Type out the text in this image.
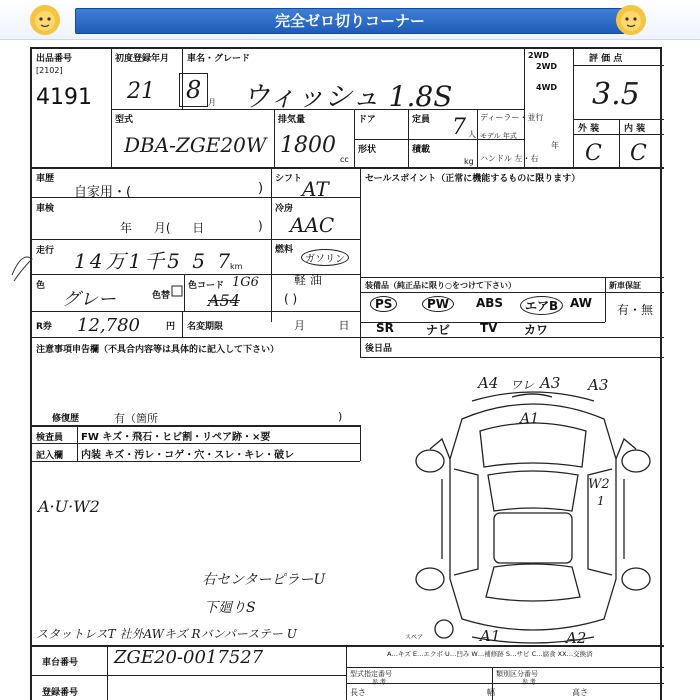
完全ゼロ切りコーナー
出品番号
[2102]
4191
初度登録年月
21 8 月
車名・グレード
ウィッシュ 1.8S
2WD
2WD
4WD
評 価 点
3.5
型式
DBA-ZGE20W
排気量
1800
cc
ドア
形状
定員 7 人
積載
kg
ディーラー・並行
モデル 年式
年
ハンドル 左・右
外 装	内 装
C C
車歴
自家用・(	)
シフト AT
車検
年 月( 日	)
冷房
AAC
走行 14万1千5 5 7
km
燃料
ガソリン
軽 油
( )
色
グレー	色替
色コード 1G6
A54
R券 12,780	円 名変期限	月 日
セールスポイント（正常に機能するものに限ります）
装備品（純正品に限り○をつけて下さい）	新車保証
有・無
PS	PW	ABS	エアB AW
SR	ナビ TV カワ
後日品
注意事項申告欄（不具合内容等は具体的に記入して下さい）
修復歴	有（箇所	)
検査員 FW キズ・飛石・ヒビ割・リペア跡・×要
記入欄 内装 キズ・汚レ・コゲ・穴・スレ・キレ・破レ
A·U·W2
右センターピラーU
下廻りS
スタットレスT 社外AWキズ Rバンパーステー U
A4 ワレ A3 A3
A1
W2
1
A1	A2
スペア
A…キズ E…エクボ U…凹み W…補修跡 S…サビ C…腐食 XX…交換済
車台番号 ZGE20-0017527
登録番号
型式指定番号	類別区分番号
参 考	参 考
長さ	幅	高さ
